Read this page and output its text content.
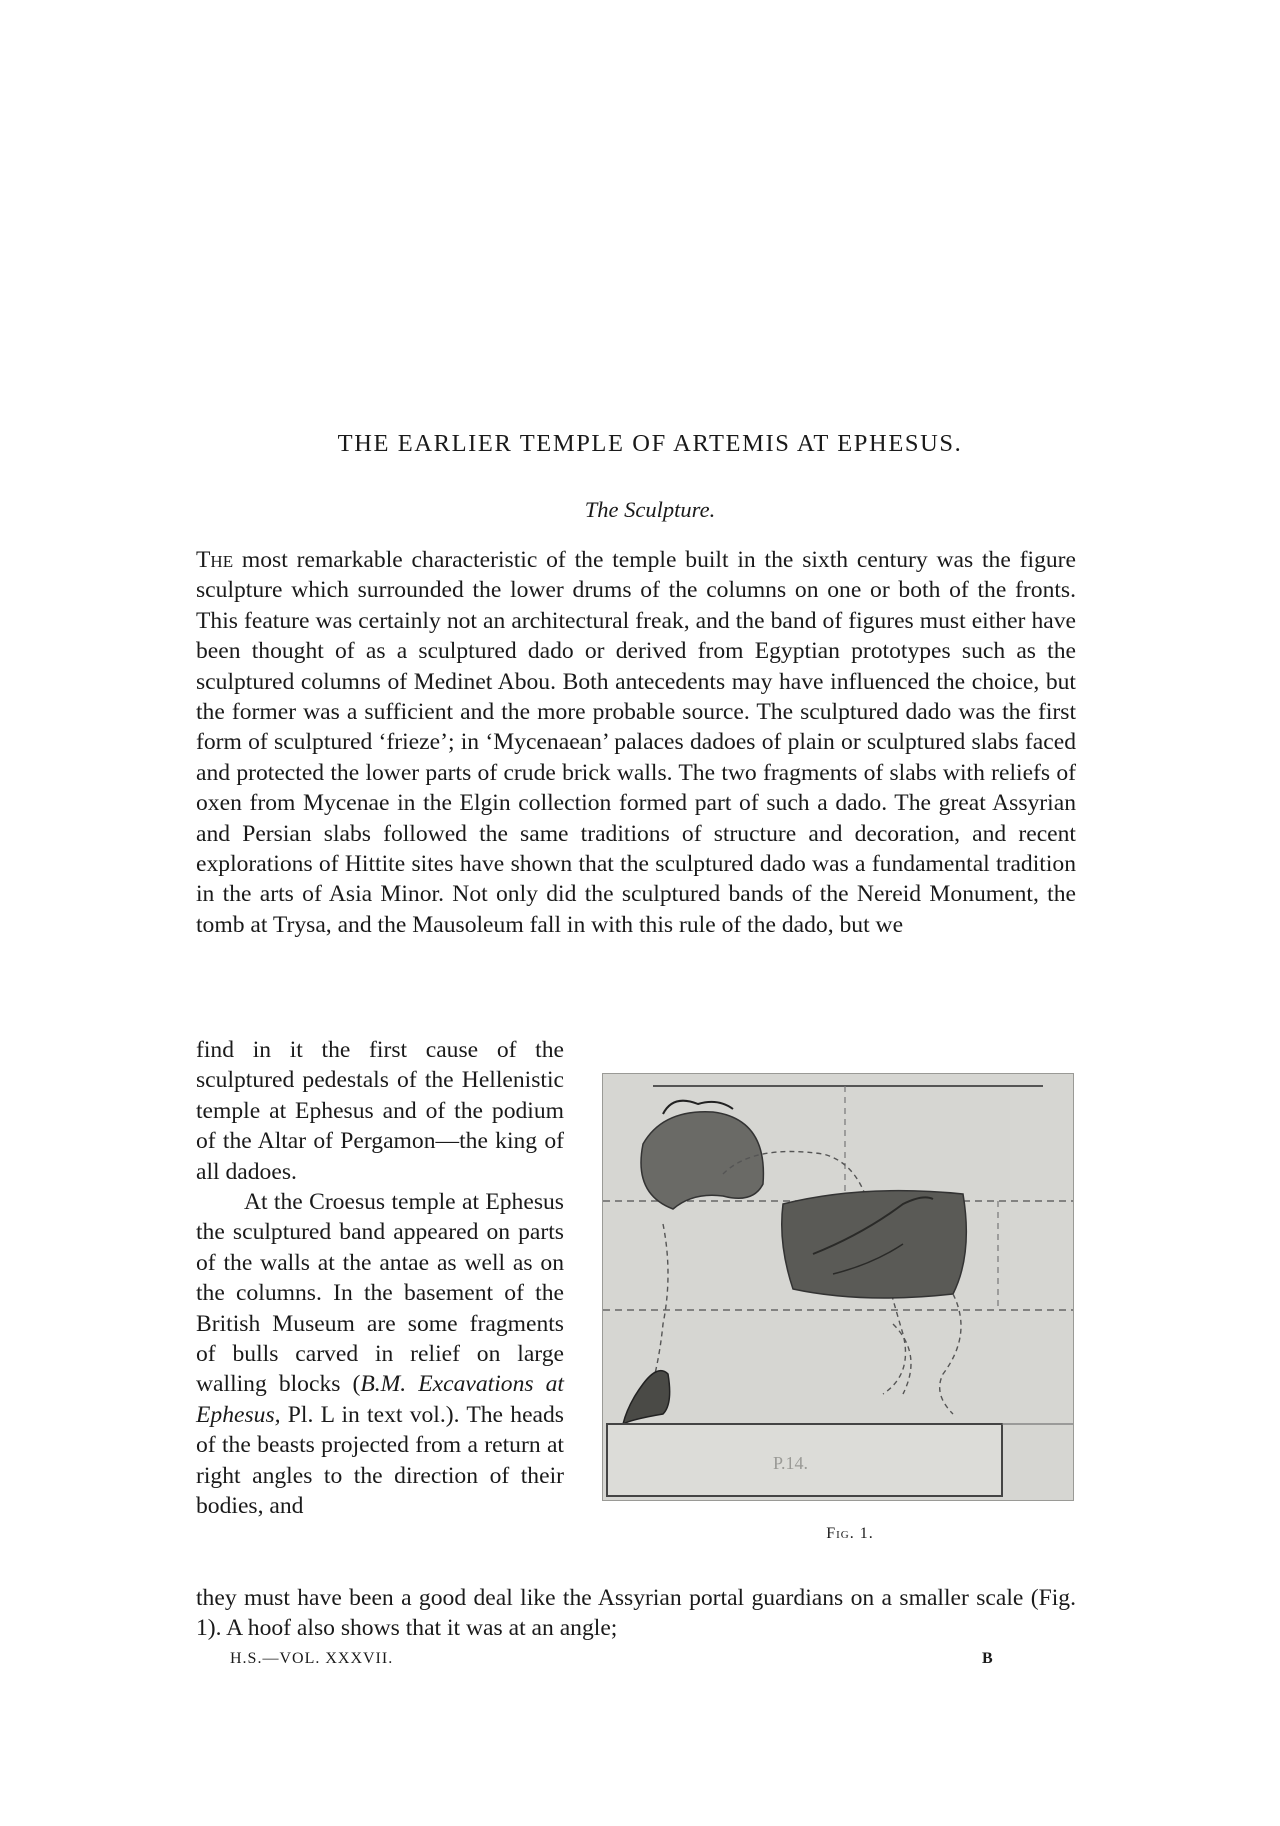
THE EARLIER TEMPLE OF ARTEMIS AT EPHESUS.
The Sculpture.
The most remarkable characteristic of the temple built in the sixth century was the figure sculpture which surrounded the lower drums of the columns on one or both of the fronts. This feature was certainly not an architectural freak, and the band of figures must either have been thought of as a sculptured dado or derived from Egyptian prototypes such as the sculptured columns of Medinet Abou. Both antecedents may have influenced the choice, but the former was a sufficient and the more probable source. The sculptured dado was the first form of sculptured ‘frieze’; in ‘Mycenaean’ palaces dadoes of plain or sculptured slabs faced and protected the lower parts of crude brick walls. The two fragments of slabs with reliefs of oxen from Mycenae in the Elgin collection formed part of such a dado. The great Assyrian and Persian slabs followed the same traditions of structure and decoration, and recent explorations of Hittite sites have shown that the sculptured dado was a fundamental tradition in the arts of Asia Minor. Not only did the sculptured bands of the Nereid Monument, the tomb at Trysa, and the Mausoleum fall in with this rule of the dado, but we

find in it the first cause of the sculptured pedestals of the Hellenistic temple at Ephesus and of the podium of the Altar of Pergamon—the king of all dadoes.

At the Croesus temple at Ephesus the sculptured band appeared on parts of the walls at the antae as well as on the columns. In the basement of the British Museum are some fragments of bulls carved in relief on large walling blocks (B.M. Excavations at Ephesus, Pl. L in text vol.). The heads of the beasts projected from a return at right angles to the direction of their bodies, and

P.14.
Fig. 1.
they must have been a good deal like the Assyrian portal guardians on a smaller scale (Fig. 1). A hoof also shows that it was at an angle;
H.S.—VOL. XXXVII.	B
